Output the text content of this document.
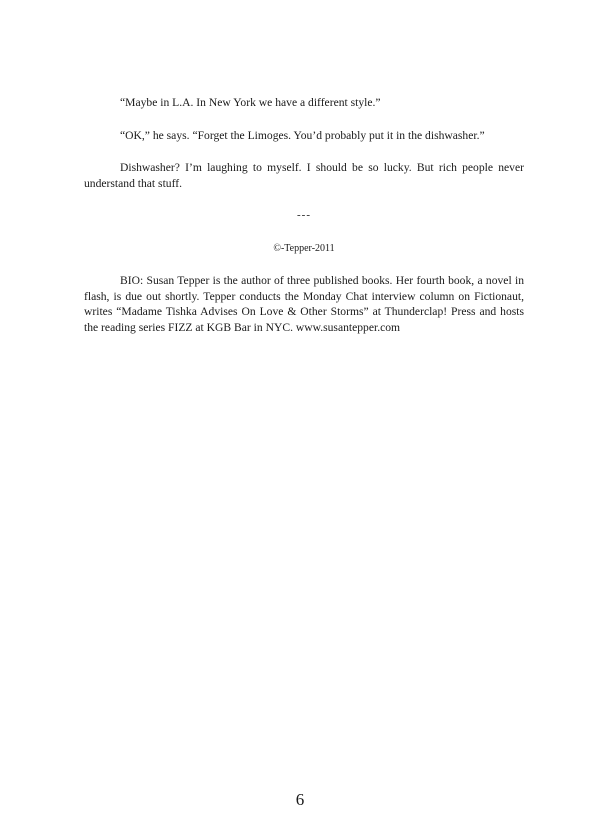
“Maybe in L.A. In New York we have a different style.”

“OK,” he says. “Forget the Limoges. You’d probably put it in the dishwasher.”

Dishwasher? I’m laughing to myself. I should be so lucky. But rich people never understand that stuff.

---

©-Tepper-2011

BIO: Susan Tepper is the author of three published books. Her fourth book, a novel in flash, is due out shortly. Tepper conducts the Monday Chat interview column on Fictionaut, writes “Madame Tishka Advises On Love & Other Storms” at Thunderclap! Press and hosts the reading series FIZZ at KGB Bar in NYC. www.susantepper.com

6
